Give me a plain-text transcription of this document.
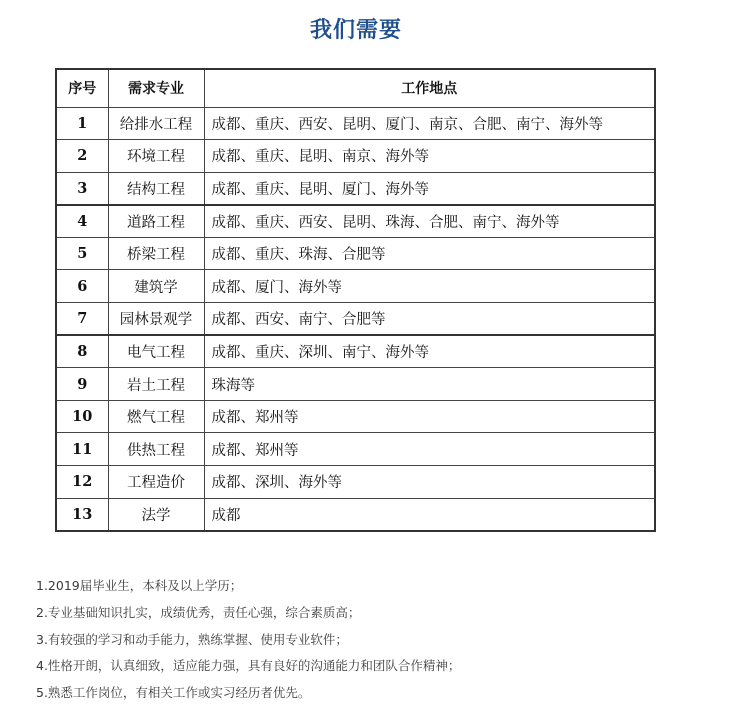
我们需要
序号	需求专业	工作地点
1	给排水工程	成都、重庆、西安、昆明、厦门、南京、合肥、南宁、海外等
2	环境工程	成都、重庆、昆明、南京、海外等
3	结构工程	成都、重庆、昆明、厦门、海外等
4	道路工程	成都、重庆、西安、昆明、珠海、合肥、南宁、海外等
5	桥梁工程	成都、重庆、珠海、合肥等
6	建筑学	成都、厦门、海外等
7	园林景观学	成都、西安、南宁、合肥等
8	电气工程	成都、重庆、深圳、南宁、海外等
9	岩土工程	珠海等
10	燃气工程	成都、郑州等
11	供热工程	成都、郑州等
12	工程造价	成都、深圳、海外等
13	法学	成都
1.2019届毕业生，本科及以上学历；
2.专业基础知识扎实，成绩优秀，责任心强，综合素质高；
3.有较强的学习和动手能力，熟练掌握、使用专业软件；
4.性格开朗，认真细致，适应能力强，具有良好的沟通能力和团队合作精神；
5.熟悉工作岗位，有相关工作或实习经历者优先。
